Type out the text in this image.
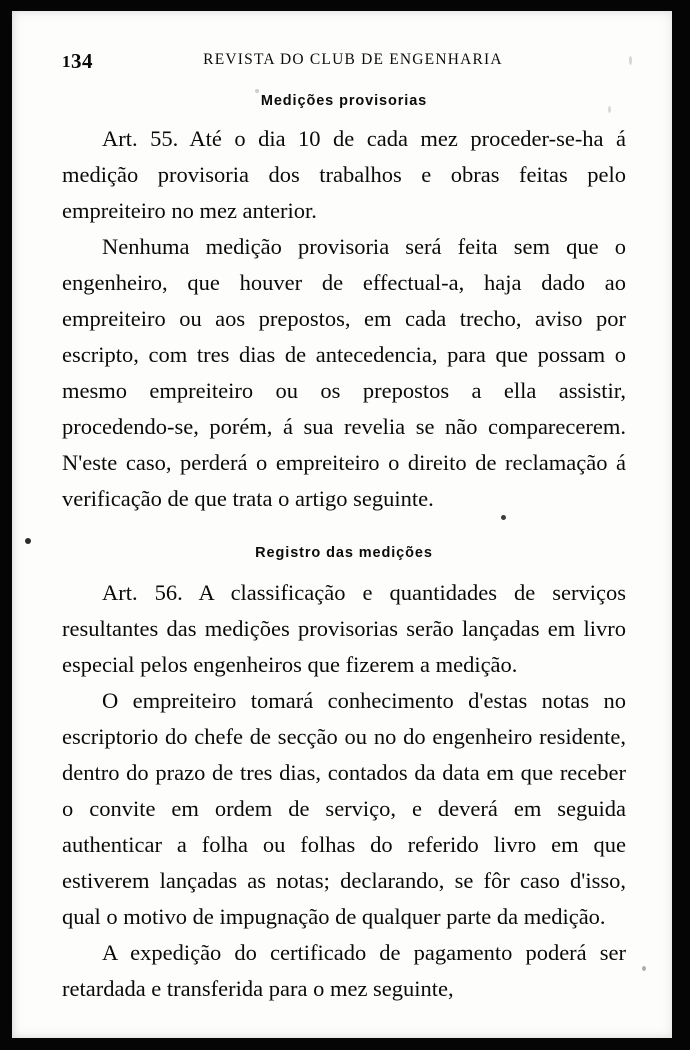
134	REVISTA DO CLUB DE ENGENHARIA
Medições provisorias

Art. 55. Até o dia 10 de cada mez proceder-se-ha á medição provisoria dos trabalhos e obras feitas pelo empreiteiro no mez anterior.

Nenhuma medição provisoria será feita sem que o engenheiro, que houver de effectual-a, haja dado ao empreiteiro ou aos prepostos, em cada trecho, aviso por escripto, com tres dias de antecedencia, para que possam o mesmo empreiteiro ou os prepostos a ella assistir, procedendo-se, porém, á sua revelia se não comparecerem. N'este caso, perderá o empreiteiro o direito de reclamação á verificação de que trata o artigo seguinte.

Registro das medições

Art. 56. A classificação e quantidades de serviços resultantes das medições provisorias serão lançadas em livro especial pelos engenheiros que fizerem a medição.

O empreiteiro tomará conhecimento d'estas notas no escriptorio do chefe de secção ou no do engenheiro residente, dentro do prazo de tres dias, contados da data em que receber o convite em ordem de serviço, e deverá em seguida authenticar a folha ou folhas do referido livro em que estiverem lançadas as notas; declarando, se fôr caso d'isso, qual o motivo de impugnação de qualquer parte da medição.

A expedição do certificado de pagamento poderá ser retardada e transferida para o mez seguinte,
